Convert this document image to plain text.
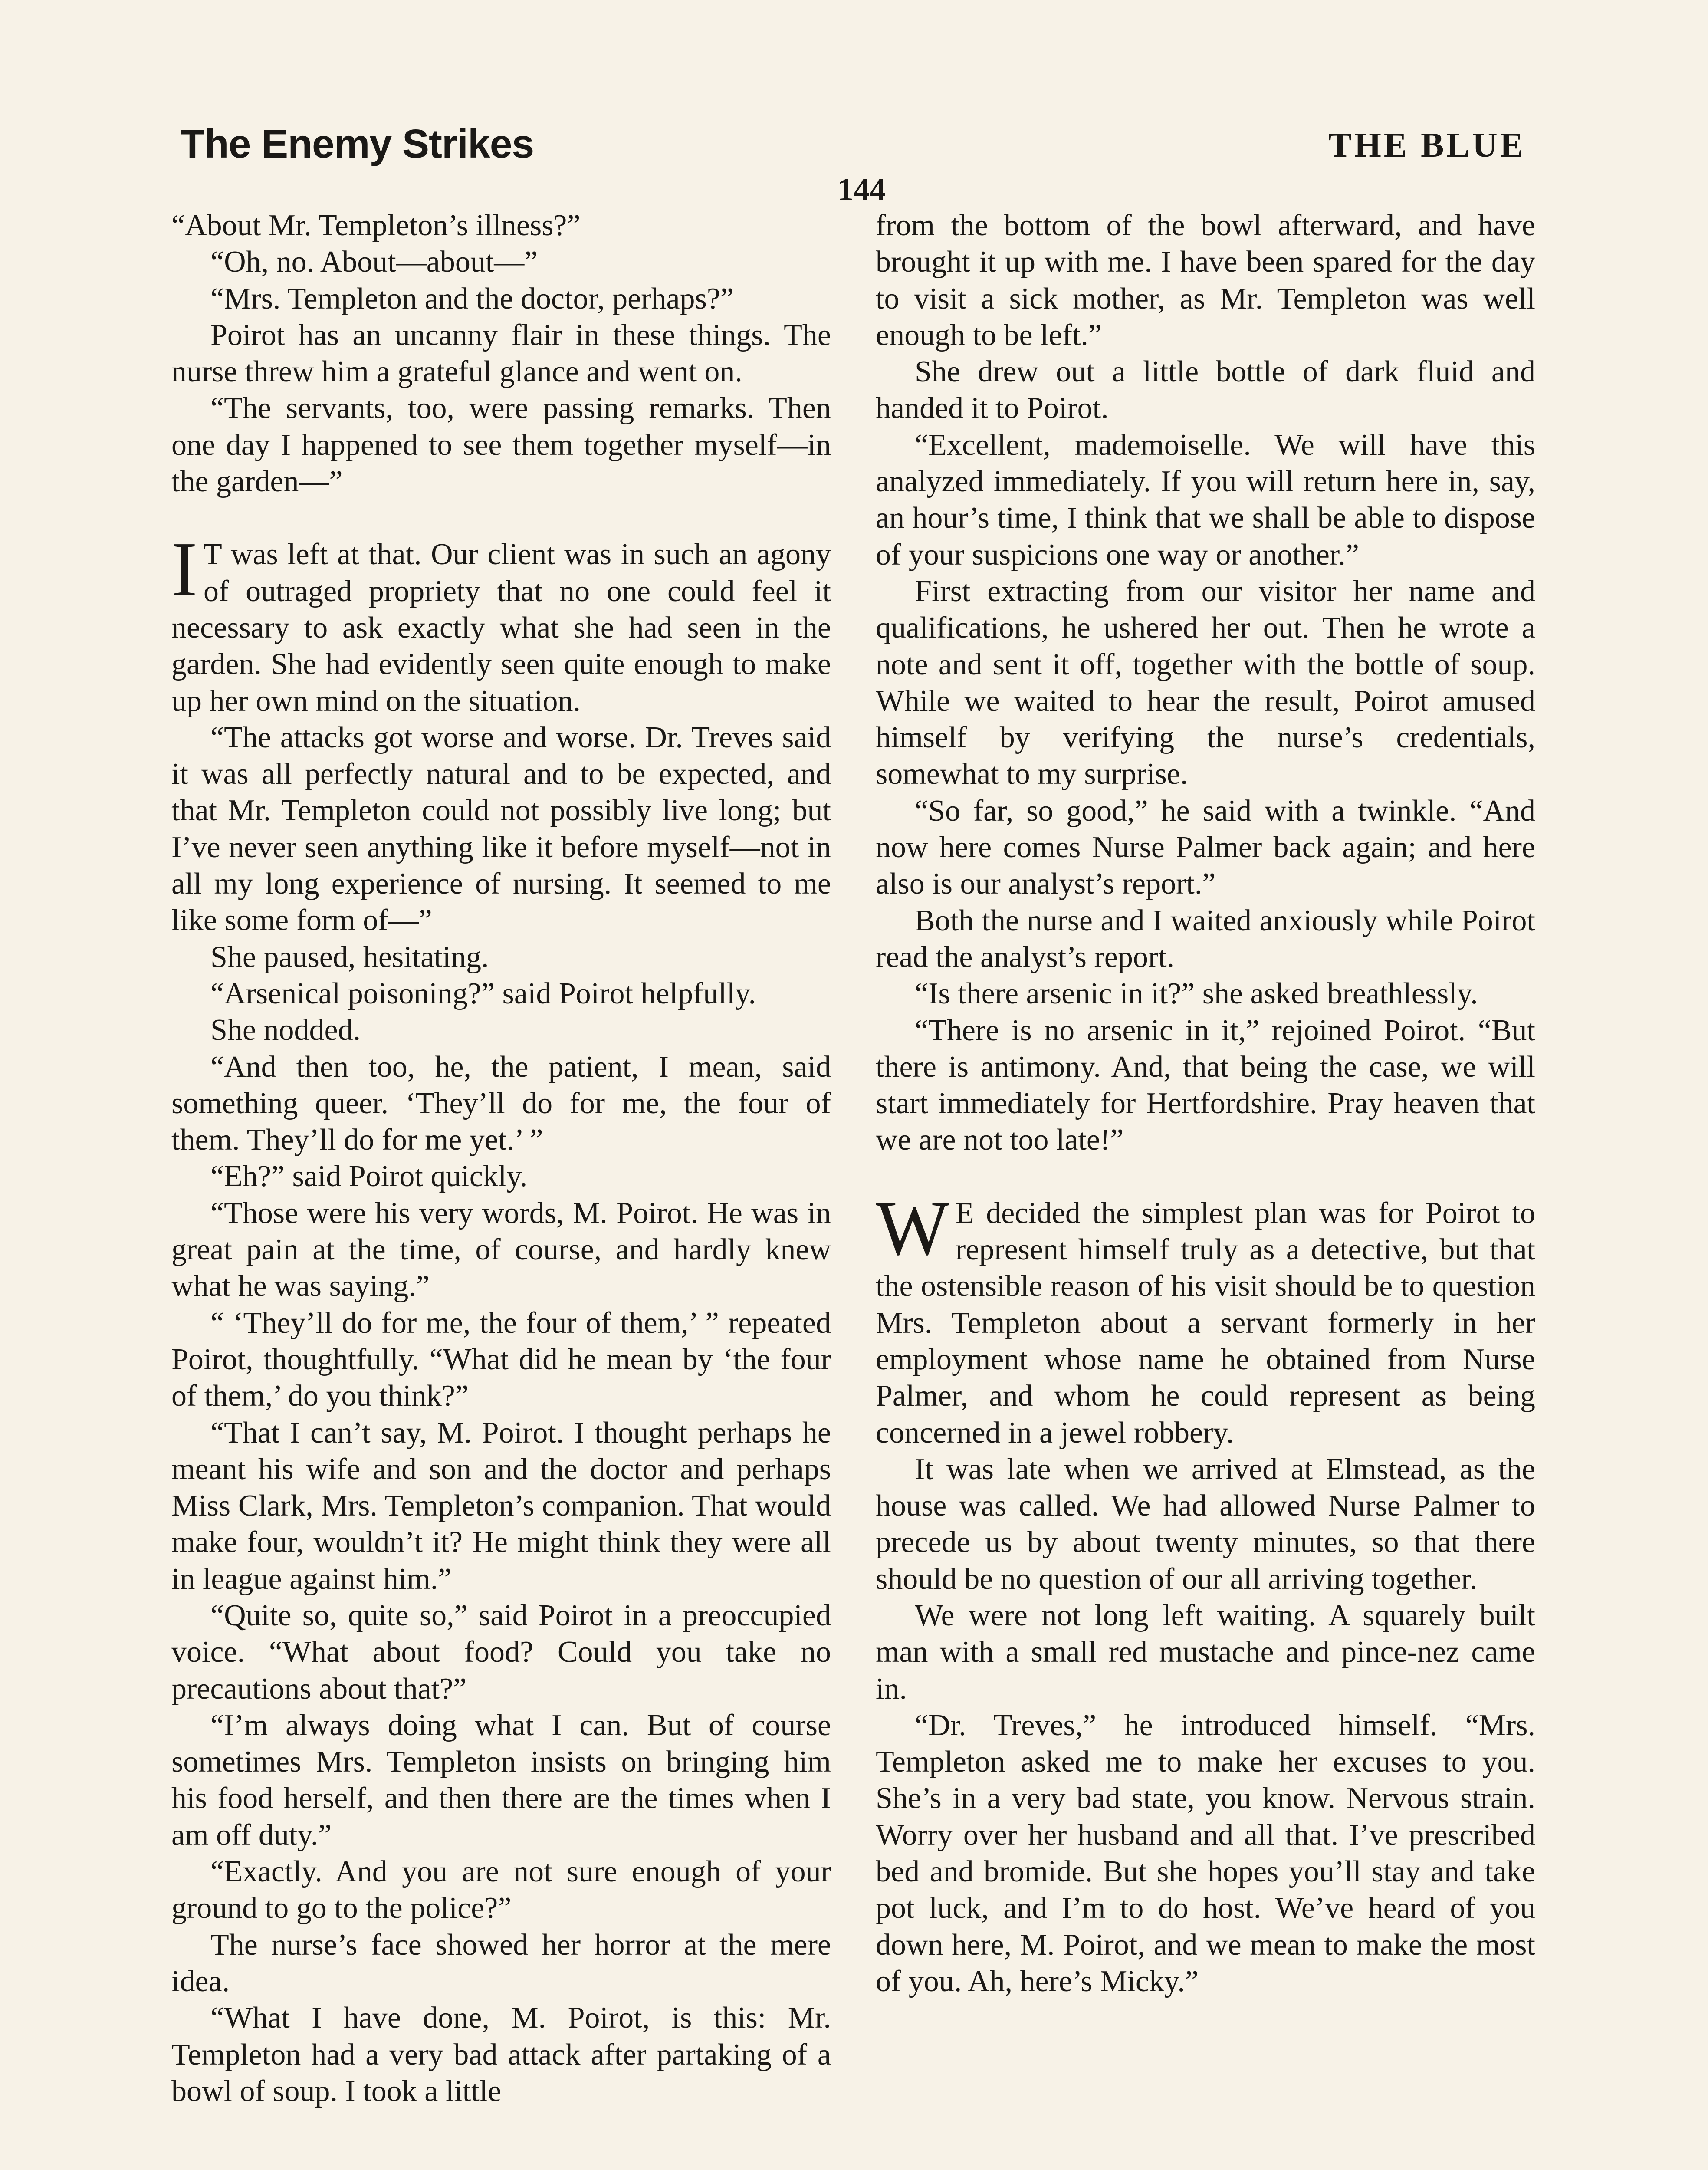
The Enemy Strikes	THE BLUE
144

“About Mr. Templeton’s illness?”

“Oh, no. About—about—”

“Mrs. Templeton and the doctor, perhaps?”

Poirot has an uncanny flair in these things. The nurse threw him a grateful glance and went on.

“The servants, too, were passing remarks. Then one day I happened to see them together myself—in the garden—”

I T was left at that. Our client was in such an agony of outraged propriety that no one could feel it necessary to ask exactly what she had seen in the garden. She had evidently seen quite enough to make up her own mind on the situation.

“The attacks got worse and worse. Dr. Treves said it was all perfectly natural and to be expected, and that Mr. Templeton could not possibly live long; but I’ve never seen anything like it before myself—not in all my long experience of nursing. It seemed to me like some form of—”

She paused, hesitating.

“Arsenical poisoning?” said Poirot helpfully.

She nodded.

“And then too, he, the patient, I mean, said something queer. ‘They’ll do for me, the four of them. They’ll do for me yet.’ ”

“Eh?” said Poirot quickly.

“Those were his very words, M. Poirot. He was in great pain at the time, of course, and hardly knew what he was saying.”

“ ‘They’ll do for me, the four of them,’ ” repeated Poirot, thoughtfully. “What did he mean by ‘the four of them,’ do you think?”

“That I can’t say, M. Poirot. I thought perhaps he meant his wife and son and the doctor and perhaps Miss Clark, Mrs. Templeton’s companion. That would make four, wouldn’t it? He might think they were all in league against him.”

“Quite so, quite so,” said Poirot in a preoccupied voice. “What about food? Could you take no precautions about that?”

“I’m always doing what I can. But of course sometimes Mrs. Templeton insists on bringing him his food herself, and then there are the times when I am off duty.”

“Exactly. And you are not sure enough of your ground to go to the police?”

The nurse’s face showed her horror at the mere idea.

“What I have done, M. Poirot, is this: Mr. Templeton had a very bad attack after partaking of a bowl of soup. I took a little

from the bottom of the bowl afterward, and have brought it up with me. I have been spared for the day to visit a sick mother, as Mr. Templeton was well enough to be left.”

She drew out a little bottle of dark fluid and handed it to Poirot.

“Excellent, mademoiselle. We will have this analyzed immediately. If you will return here in, say, an hour’s time, I think that we shall be able to dispose of your suspicions one way or another.”

First extracting from our visitor her name and qualifications, he ushered her out. Then he wrote a note and sent it off, together with the bottle of soup. While we waited to hear the result, Poirot amused himself by verifying the nurse’s credentials, somewhat to my surprise.

“So far, so good,” he said with a twinkle. “And now here comes Nurse Palmer back again; and here also is our analyst’s report.”

Both the nurse and I waited anxiously while Poirot read the analyst’s report.

“Is there arsenic in it?” she asked breathlessly.

“There is no arsenic in it,” rejoined Poirot. “But there is antimony. And, that being the case, we will start immediately for Hertfordshire. Pray heaven that we are not too late!”

W E decided the simplest plan was for Poirot to represent himself truly as a detective, but that the ostensible reason of his visit should be to question Mrs. Templeton about a servant formerly in her employment whose name he obtained from Nurse Palmer, and whom he could represent as being concerned in a jewel robbery.

It was late when we arrived at Elmstead, as the house was called. We had allowed Nurse Palmer to precede us by about twenty minutes, so that there should be no question of our all arriving together.

We were not long left waiting. A squarely built man with a small red mustache and pince-nez came in.

“Dr. Treves,” he introduced himself. “Mrs. Templeton asked me to make her excuses to you. She’s in a very bad state, you know. Nervous strain. Worry over her husband and all that. I’ve prescribed bed and bromide. But she hopes you’ll stay and take pot luck, and I’m to do host. We’ve heard of you down here, M. Poirot, and we mean to make the most of you. Ah, here’s Micky.”
